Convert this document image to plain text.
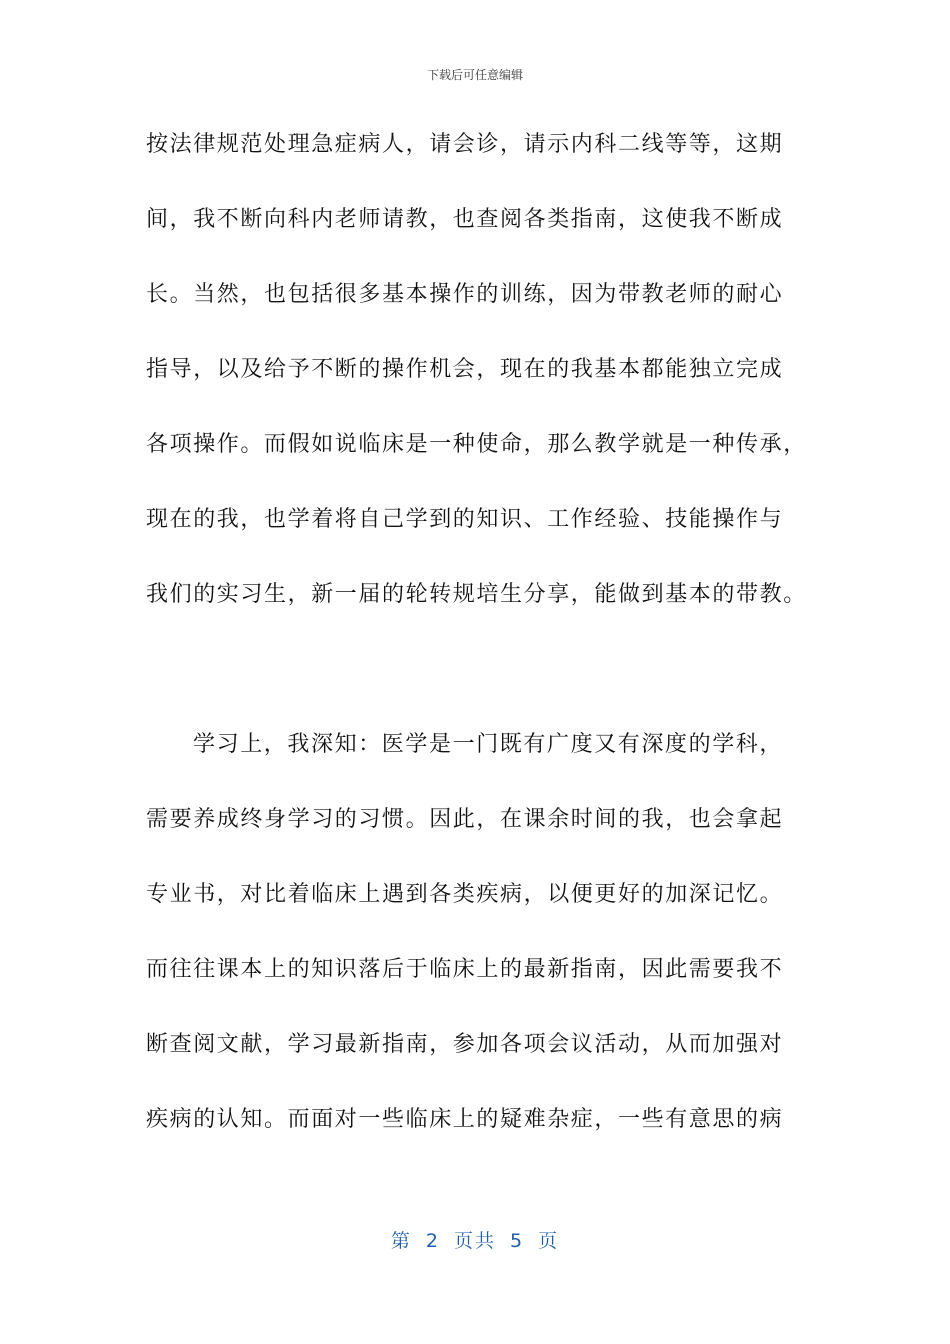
下载后可任意编辑
按法律规范处理急症病人，请会诊，请示内科二线等等，这期
间，我不断向科内老师请教，也查阅各类指南，这使我不断成
长。当然，也包括很多基本操作的训练，因为带教老师的耐心
指导，以及给予不断的操作机会，现在的我基本都能独立完成
各项操作。而假如说临床是一种使命，那么教学就是一种传承，
现在的我，也学着将自己学到的知识、工作经验、技能操作与
我们的实习生，新一届的轮转规培生分享，能做到基本的带教。
学习上，我深知：医学是一门既有广度又有深度的学科，
需要养成终身学习的习惯。因此，在课余时间的我，也会拿起
专业书，对比着临床上遇到各类疾病，以便更好的加深记忆。
而往往课本上的知识落后于临床上的最新指南，因此需要我不
断查阅文献，学习最新指南，参加各项会议活动，从而加强对
疾病的认知。而面对一些临床上的疑难杂症，一些有意思的病
第 2 页共 5 页
